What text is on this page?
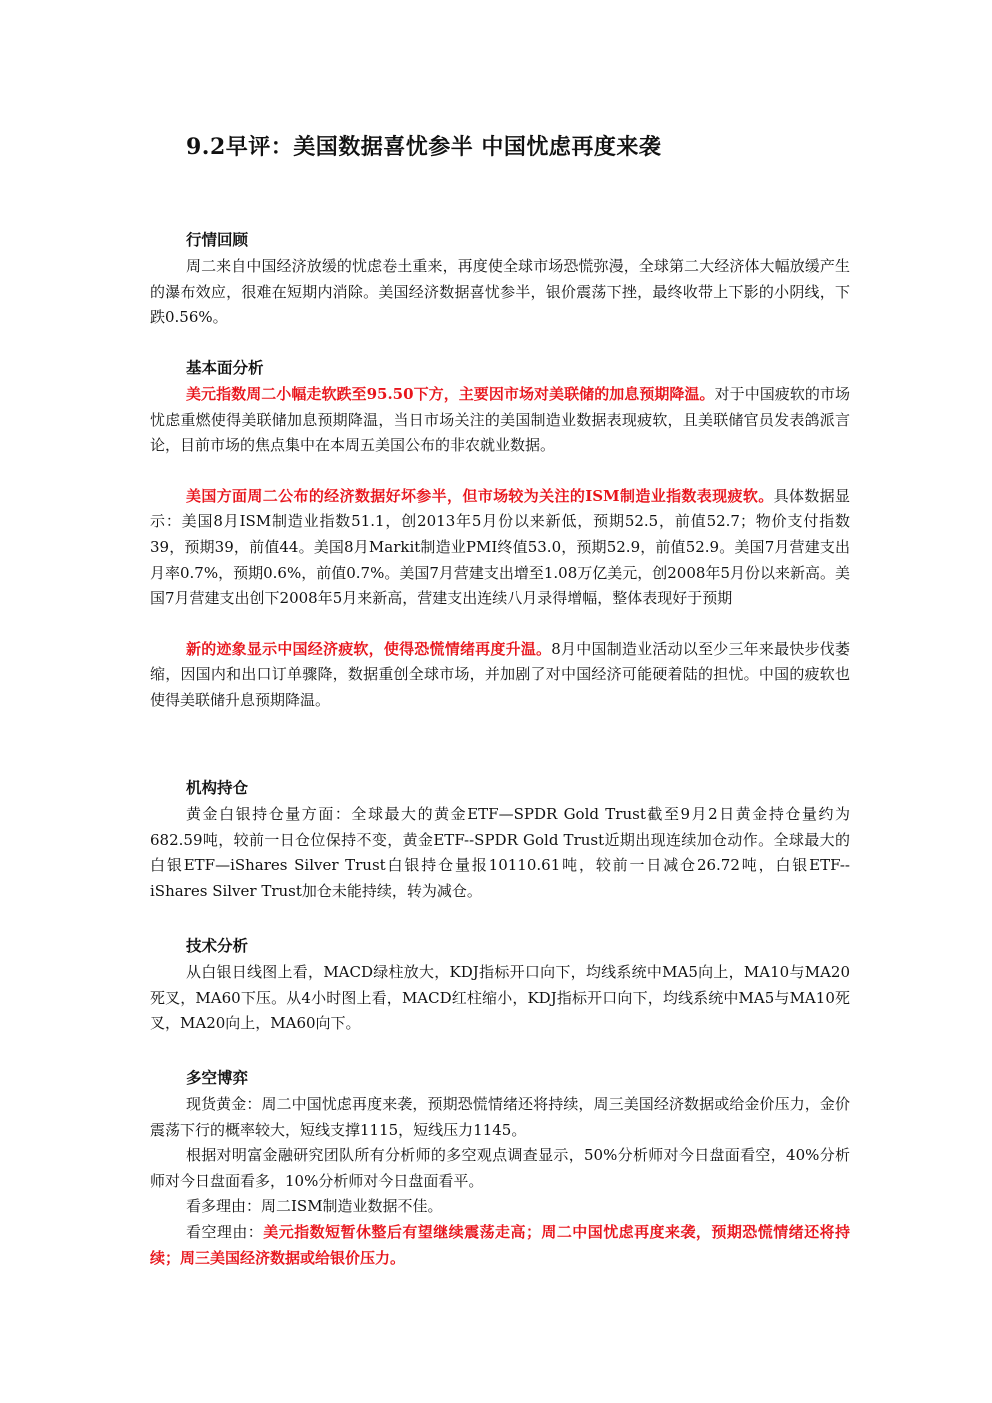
9.2早评：美国数据喜忧参半 中国忧虑再度来袭
行情回顾

周二来自中国经济放缓的忧虑卷土重来，再度使全球市场恐慌弥漫，全球第二大经济体大幅放缓产生的瀑布效应，很难在短期内消除。美国经济数据喜忧参半，银价震荡下挫，最终收带上下影的小阴线，下跌0.56%。

基本面分析

美元指数周二小幅走软跌至95.50下方，主要因市场对美联储的加息预期降温。对于中国疲软的市场忧虑重燃使得美联储加息预期降温，当日市场关注的美国制造业数据表现疲软，且美联储官员发表鸽派言论，目前市场的焦点集中在本周五美国公布的非农就业数据。

美国方面周二公布的经济数据好坏参半，但市场较为关注的ISM制造业指数表现疲软。具体数据显示：美国8月ISM制造业指数51.1，创2013年5月份以来新低，预期52.5，前值52.7；物价支付指数39，预期39，前值44。美国8月Markit制造业PMI终值53.0，预期52.9，前值52.9。美国7月营建支出月率0.7%，预期0.6%，前值0.7%。美国7月营建支出增至1.08万亿美元，创2008年5月份以来新高。美国7月营建支出创下2008年5月来新高，营建支出连续八月录得增幅，整体表现好于预期

新的迹象显示中国经济疲软，使得恐慌情绪再度升温。8月中国制造业活动以至少三年来最快步伐萎缩，因国内和出口订单骤降，数据重创全球市场，并加剧了对中国经济可能硬着陆的担忧。中国的疲软也使得美联储升息预期降温。

机构持仓

黄金白银持仓量方面：全球最大的黄金ETF—SPDR Gold Trust截至9月2日黄金持仓量约为682.59吨，较前一日仓位保持不变，黄金ETF--SPDR Gold Trust近期出现连续加仓动作。全球最大的白银ETF—iShares Silver Trust白银持仓量报10110.61吨，较前一日减仓26.72吨，白银ETF--iShares Silver Trust加仓未能持续，转为减仓。

技术分析

从白银日线图上看，MACD绿柱放大，KDJ指标开口向下，均线系统中MA5向上，MA10与MA20死叉，MA60下压。从4小时图上看，MACD红柱缩小，KDJ指标开口向下，均线系统中MA5与MA10死叉，MA20向上，MA60向下。

多空博弈

现货黄金：周二中国忧虑再度来袭，预期恐慌情绪还将持续，周三美国经济数据或给金价压力，金价震荡下行的概率较大，短线支撑1115，短线压力1145。

根据对明富金融研究团队所有分析师的多空观点调查显示，50%分析师对今日盘面看空，40%分析师对今日盘面看多，10%分析师对今日盘面看平。

看多理由：周二ISM制造业数据不佳。

看空理由：美元指数短暂休整后有望继续震荡走高；周二中国忧虑再度来袭，预期恐慌情绪还将持续；周三美国经济数据或给银价压力。
